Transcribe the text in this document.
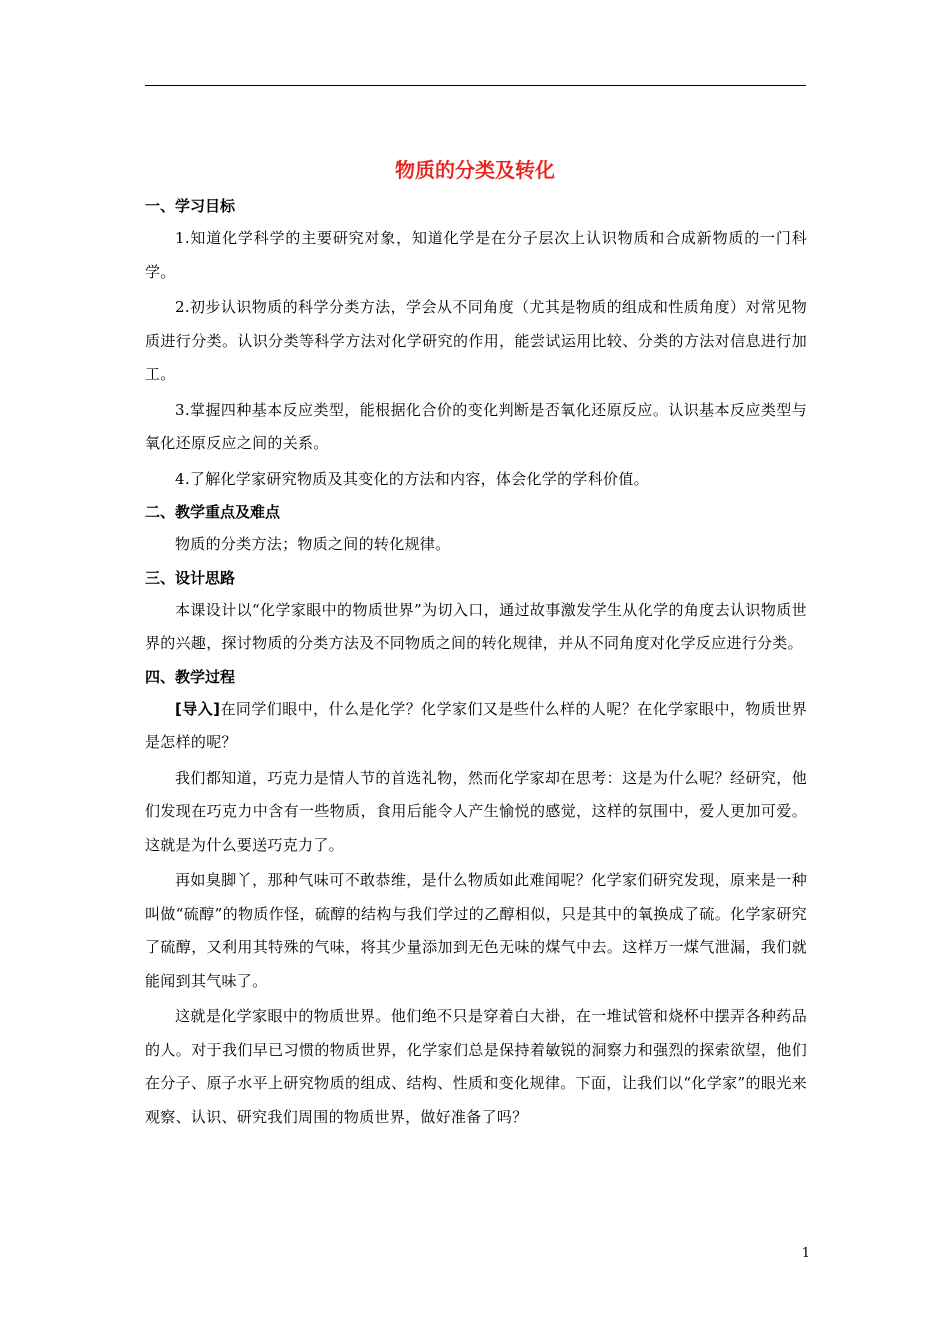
物质的分类及转化
一、学习目标

1.知道化学科学的主要研究对象，知道化学是在分子层次上认识物质和合成新物质的一门科学。

2.初步认识物质的科学分类方法，学会从不同角度（尤其是物质的组成和性质角度）对常见物质进行分类。认识分类等科学方法对化学研究的作用，能尝试运用比较、分类的方法对信息进行加工。

3.掌握四种基本反应类型，能根据化合价的变化判断是否氧化还原反应。认识基本反应类型与氧化还原反应之间的关系。

4.了解化学家研究物质及其变化的方法和内容，体会化学的学科价值。

二、教学重点及难点

物质的分类方法；物质之间的转化规律。

三、设计思路

本课设计以“化学家眼中的物质世界”为切入口，通过故事激发学生从化学的角度去认识物质世界的兴趣，探讨物质的分类方法及不同物质之间的转化规律，并从不同角度对化学反应进行分类。

四、教学过程

[导入]在同学们眼中，什么是化学？化学家们又是些什么样的人呢？在化学家眼中，物质世界是怎样的呢？

我们都知道，巧克力是情人节的首选礼物，然而化学家却在思考：这是为什么呢？经研究，他们发现在巧克力中含有一些物质，食用后能令人产生愉悦的感觉，这样的氛围中，爱人更加可爱。这就是为什么要送巧克力了。

再如臭脚丫，那种气味可不敢恭维，是什么物质如此难闻呢？化学家们研究发现，原来是一种叫做“硫醇”的物质作怪，硫醇的结构与我们学过的乙醇相似，只是其中的氧换成了硫。化学家研究了硫醇，又利用其特殊的气味，将其少量添加到无色无味的煤气中去。这样万一煤气泄漏，我们就能闻到其气味了。

这就是化学家眼中的物质世界。他们绝不只是穿着白大褂，在一堆试管和烧杯中摆弄各种药品的人。对于我们早已习惯的物质世界，化学家们总是保持着敏锐的洞察力和强烈的探索欲望，他们在分子、原子水平上研究物质的组成、结构、性质和变化规律。下面，让我们以“化学家”的眼光来观察、认识、研究我们周围的物质世界，做好准备了吗？

1
